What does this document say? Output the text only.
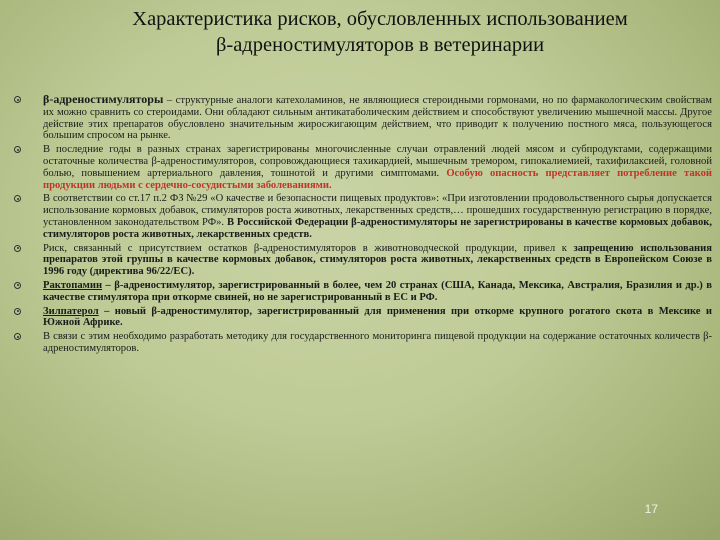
Характеристика рисков, обусловленных использованием
β-адреностимуляторов в ветеринарии
β-адреностимуляторы – структурные аналоги катехоламинов, не являющиеся стероидными гормонами, но по фармакологическим свойствам их можно сравнить со стероидами. Они обладают сильным антикатаболическим действием и способствуют увеличению мышечной массы. Другое действие этих препаратов обусловлено значительным жиросжигающим действием, что приводит к получению постного мяса, пользующегося большим спросом на рынке.
В последние годы в разных странах зарегистрированы многочисленные случаи отравлений людей мясом и субпродуктами, содержащими остаточные количества β-адреностимуляторов, сопровождающиеся тахикардией, мышечным тремором, гипокалиемией, тахифилаксией, головной болью, повышением артериального давления, тошнотой и другими симптомами. Особую опасность представляет потребление такой продукции людьми с сердечно-сосудистыми заболеваниями.
В соответствии со ст.17 п.2 ФЗ №29 «О качестве и безопасности пищевых продуктов»: «При изготовлении продовольственного сырья допускается использование кормовых добавок, стимуляторов роста животных, лекарственных средств,… прошедших государственную регистрацию в порядке, установленном законодательством РФ». В Российской Федерации β-адреностимуляторы не зарегистрированы в качестве кормовых добавок, стимуляторов роста животных, лекарственных средств.
Риск, связанный с присутствием остатков β-адреностимуляторов в животноводческой продукции, привел к запрещению использования препаратов этой группы в качестве кормовых добавок, стимуляторов роста животных, лекарственных средств в Европейском Союзе в 1996 году (директива 96/22/ЕС).
Рактопамин – β-адреностимулятор, зарегистрированный в более, чем 20 странах (США, Канада, Мексика, Австралия, Бразилия и др.) в качестве стимулятора при откорме свиней, но не зарегистрированный в ЕС и РФ.
Зилпатерол – новый β-адреностимулятор, зарегистрированный для применения при откорме крупного рогатого скота в Мексике и Южной Африке.
В связи с этим необходимо разработать методику для государственного мониторинга пищевой продукции на содержание остаточных количеств β-адреностимуляторов.
17
